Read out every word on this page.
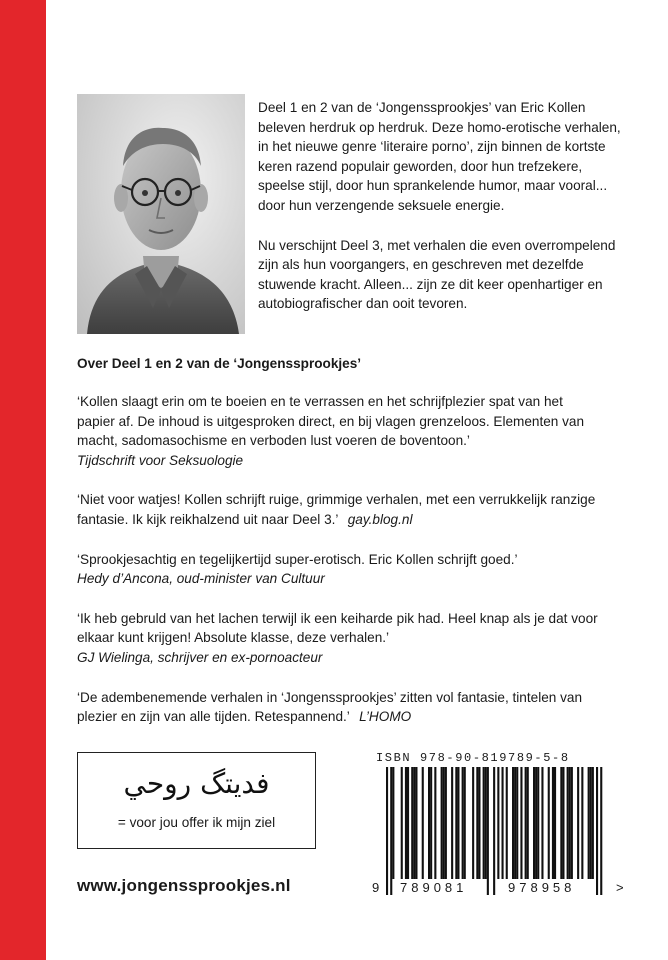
Deel 1 en 2 van de ‘Jongenssprookjes’ van Eric Kollen beleven herdruk op herdruk. Deze homo-erotische verhalen, in het nieuwe genre ‘literaire porno’, zijn binnen de kortste keren razend populair geworden, door hun trefzekere, speelse stijl, door hun sprankelende humor, maar vooral... door hun verzengende seksuele energie.

Nu verschijnt Deel 3, met verhalen die even overrompelend zijn als hun voorgangers, en geschreven met dezelfde stuwende kracht. Alleen... zijn ze dit keer openhartiger en autobiografischer dan ooit tevoren.

Over Deel 1 en 2 van de ‘Jongenssprookjes’
‘Kollen slaagt erin om te boeien en te verrassen en het schrijfplezier spat van het papier af. De inhoud is uitgesproken direct, en bij vlagen grenzeloos. Elementen van macht, sadomasochisme en verboden lust voeren de boventoon.’
Tijdschrift voor Seksuologie
‘Niet voor watjes! Kollen schrijft ruige, grimmige verhalen, met een verrukkelijk ranzige fantasie. Ik kijk reikhalzend uit naar Deel 3.’ gay.blog.nl
‘Sprookjesachtig en tegelijkertijd super-erotisch. Eric Kollen schrijft goed.’
Hedy d’Ancona, oud-minister van Cultuur
‘Ik heb gebruld van het lachen terwijl ik een keiharde pik had. Heel knap als je dat voor elkaar kunt krijgen! Absolute klasse, deze verhalen.’
GJ Wielinga, schrijver en ex-pornoacteur
‘De adembenemende verhalen in ‘Jongenssprookjes’ zitten vol fantasie, tintelen van plezier en zijn van alle tijden. Retespannend.’ L’HOMO
فدیتگ روحي
= voor jou offer ik mijn ziel

www.jongenssprookjes.nl

ISBN 978-90-819789-5-8
9 789081	978958	>
